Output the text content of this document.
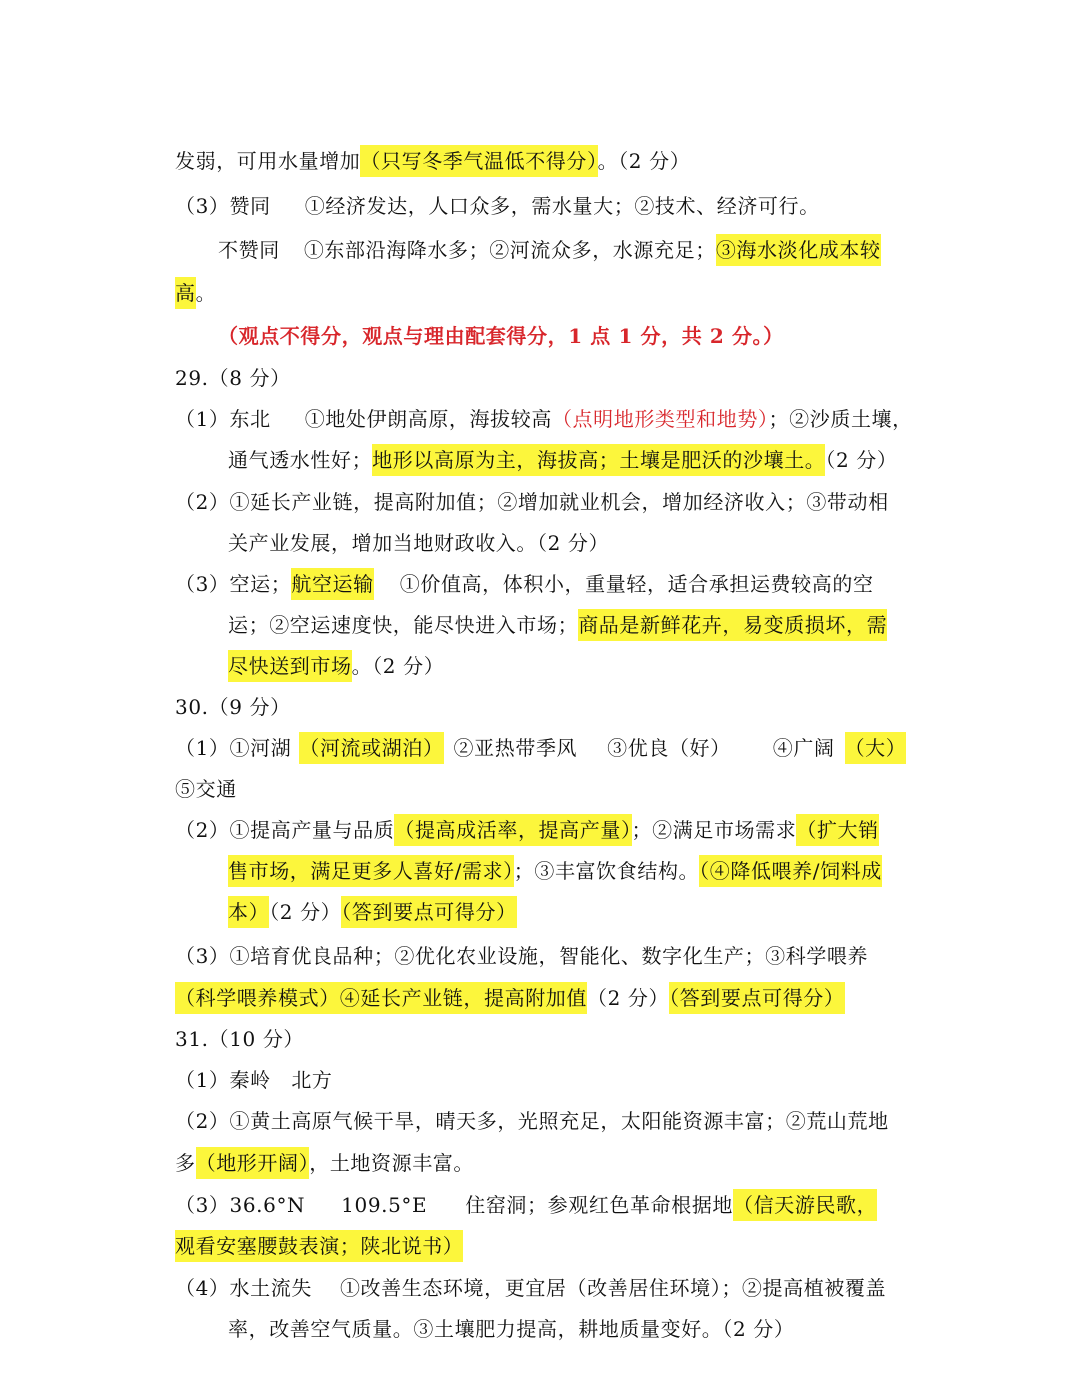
发弱，可用水量增加（只写冬季气温低不得分）。（2 分）
（3）赞同 ①经济发达，人口众多，需水量大；②技术、经济可行。
不赞同 ①东部沿海降水多；②河流众多，水源充足；③海水淡化成本较
高。
（观点不得分，观点与理由配套得分，1 点 1 分，共 2 分。）
29.（8 分）
（1）东北 ①地处伊朗高原，海拔较高（点明地形类型和地势）；②沙质土壤，
通气透水性好；地形以高原为主，海拔高；土壤是肥沃的沙壤土。（2 分）
（2）①延长产业链，提高附加值；②增加就业机会，增加经济收入；③带动相
关产业发展，增加当地财政收入。（2 分）
（3）空运；航空运输 ①价值高，体积小，重量轻，适合承担运费较高的空
运；②空运速度快，能尽快进入市场；商品是新鲜花卉，易变质损坏，需
尽快送到市场。（2 分）
30.（9 分）
（1）①河湖 （河流或湖泊） ②亚热带季风 ③优良（好） ④广阔 （大）
⑤交通
（2）①提高产量与品质（提高成活率，提高产量）；②满足市场需求（扩大销
售市场，满足更多人喜好/需求）；③丰富饮食结构。（④降低喂养/饲料成
本）（2 分）（答到要点可得分）
（3）①培育优良品种；②优化农业设施，智能化、数字化生产；③科学喂养
（科学喂养模式）④延长产业链，提高附加值（2 分）（答到要点可得分）
31.（10 分）
（1）秦岭　北方
（2）①黄土高原气候干旱，晴天多，光照充足，太阳能资源丰富；②荒山荒地
多（地形开阔），土地资源丰富。
（3）36.6°N 109.5°E 住窑洞；参观红色革命根据地（信天游民歌，
观看安塞腰鼓表演；陕北说书）
（4）水土流失 ①改善生态环境，更宜居（改善居住环境）；②提高植被覆盖
率，改善空气质量。③土壤肥力提高，耕地质量变好。（2 分）
